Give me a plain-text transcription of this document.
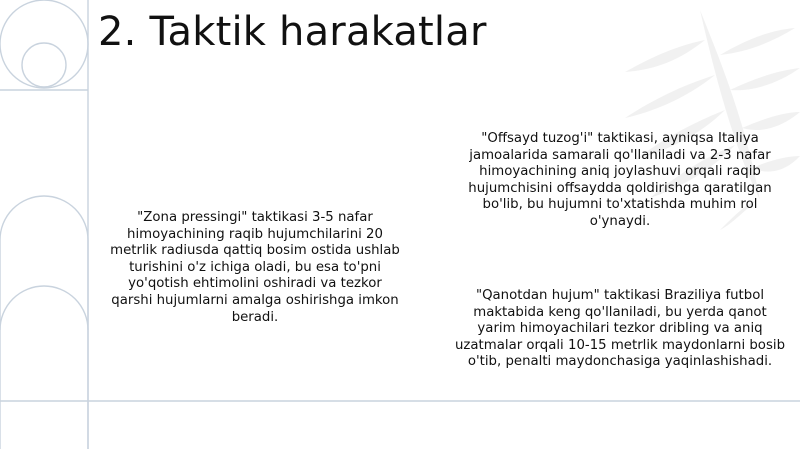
2. Taktik harakatlar
"Zona pressingi" taktikasi 3-5 nafar himoyachining raqib hujumchilarini 20 metrlik radiusda qattiq bosim ostida ushlab turishini o'z ichiga oladi, bu esa to'pni yo'qotish ehtimolini oshiradi va tezkor qarshi hujumlarni amalga oshirishga imkon beradi.
"Offsayd tuzog'i" taktikasi, ayniqsa Italiya jamoalarida samarali qo'llaniladi va 2-3 nafar himoyachining aniq joylashuvi orqali raqib hujumchisini offsaydda qoldirishga qaratilgan bo'lib, bu hujumni to'xtatishda muhim rol o'ynaydi.
"Qanotdan hujum" taktikasi Braziliya futbol maktabida keng qo'llaniladi, bu yerda qanot yarim himoyachilari tezkor dribling va aniq uzatmalar orqali 10-15 metrlik maydonlarni bosib o'tib, penalti maydonchasiga yaqinlashishadi.
